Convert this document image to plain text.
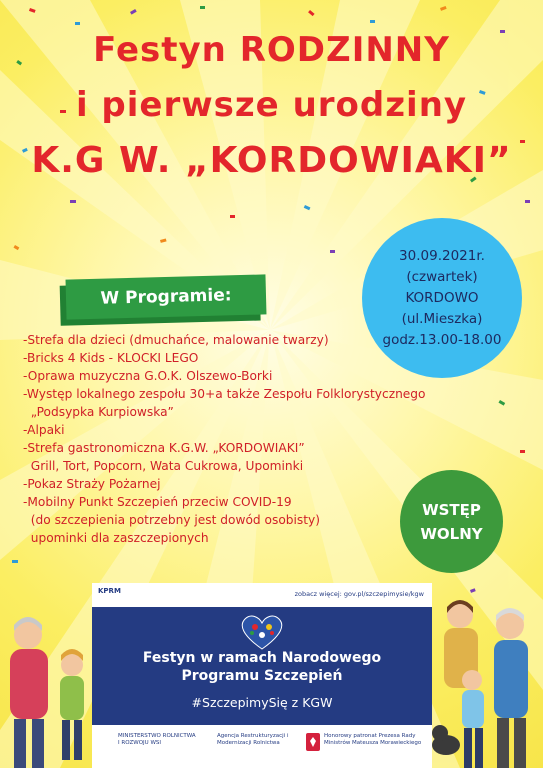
Festyn RODZINNY
i pierwsze urodziny
K.G W. „KORDOWIAKI”
30.09.2021r.
(czwartek)
KORDOWO
(ul.Mieszka)
godz.13.00-18.00
W Programie:
-Strefa dla dzieci (dmuchańce, malowanie twarzy)
-Bricks 4 Kids - KLOCKI LEGO
-Oprawa muzyczna G.O.K. Olszewo-Borki
-Występ lokalnego zespołu 30+a także Zespołu Folklorystycznego
„Podsypka Kurpiowska”
-Alpaki
-Strefa gastronomiczna K.G.W. „KORDOWIAKI”
Grill, Tort, Popcorn, Wata Cukrowa, Upominki
-Pokaz Straży Pożarnej
-Mobilny Punkt Szczepień przeciw COVID-19
(do szczepienia potrzebny jest dowód osobisty)
upominki dla zaszczepionych
WSTĘP
WOLNY
KPRM	zobacz więcej: gov.pl/szczepimysie/kgw
Festyn w ramach Narodowego
Programu Szczepień
#SzczepimySię z KGW
MINISTERSTWO ROLNICTWA I ROZWOJU WSI
Agencja Restrukturyzacji i Modernizacji Rolnictwa
Honorowy patronat Prezesa Rady Ministrów Mateusza Morawieckiego
